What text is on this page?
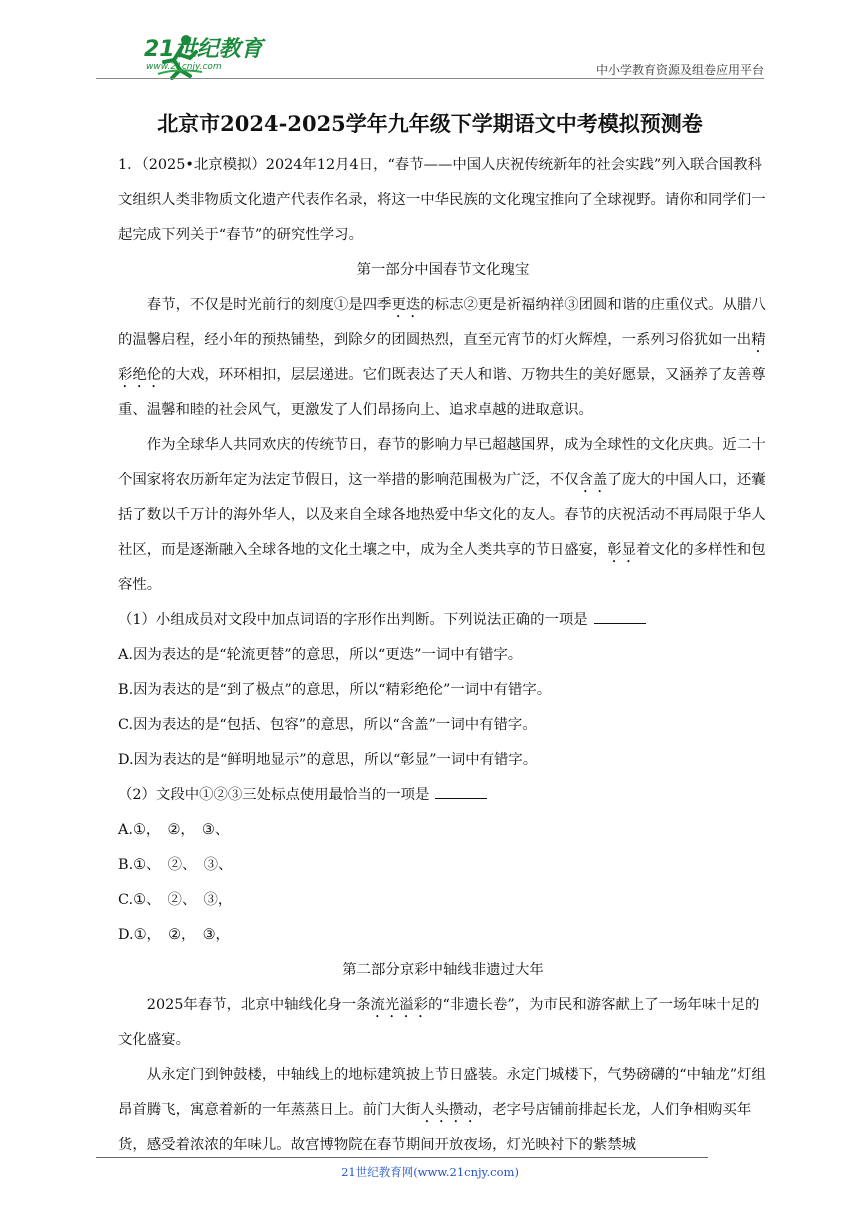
21世纪教育
www.21cnjy.com	中小学教育资源及组卷应用平台
北京市2024-2025学年九年级下学期语文中考模拟预测卷

1．（2025•北京模拟）2024年12月4日，“春节——中国人庆祝传统新年的社会实践”列入联合国教科文组织人类非物质文化遗产代表作名录，将这一中华民族的文化瑰宝推向了全球视野。请你和同学们一起完成下列关于“春节”的研究性学习。

第一部分中国春节文化瑰宝

春节，不仅是时光前行的刻度①是四季更迭的标志②更是祈福纳祥③团圆和谐的庄重仪式。从腊八的温馨启程，经小年的预热铺垫，到除夕的团圆热烈，直至元宵节的灯火辉煌，一系列习俗犹如一出精彩绝伦的大戏，环环相扣，层层递进。它们既表达了天人和谐、万物共生的美好愿景，又涵养了友善尊重、温馨和睦的社会风气，更激发了人们昂扬向上、追求卓越的进取意识。

作为全球华人共同欢庆的传统节日，春节的影响力早已超越国界，成为全球性的文化庆典。近二十个国家将农历新年定为法定节假日，这一举措的影响范围极为广泛，不仅含盖了庞大的中国人口，还囊括了数以千万计的海外华人，以及来自全球各地热爱中华文化的友人。春节的庆祝活动不再局限于华人社区，而是逐渐融入全球各地的文化土壤之中，成为全人类共享的节日盛宴，彰显着文化的多样性和包容性。

（1）小组成员对文段中加点词语的字形作出判断。下列说法正确的一项是

A.因为表达的是“轮流更替”的意思，所以“更迭”一词中有错字。

B.因为表达的是“到了极点”的意思，所以“精彩绝伦”一词中有错字。

C.因为表达的是“包括、包容”的意思，所以“含盖”一词中有错字。

D.因为表达的是“鲜明地显示”的意思，所以“彰显”一词中有错字。

（2）文段中①②③三处标点使用最恰当的一项是

A.①，　②，　③、

B.①、　②、　③、

C.①、　②、　③，

D.①，　②，　③，

第二部分京彩中轴线非遗过大年

2025年春节，北京中轴线化身一条流光溢彩的“非遗长卷”，为市民和游客献上了一场年味十足的文化盛宴。

从永定门到钟鼓楼，中轴线上的地标建筑披上节日盛装。永定门城楼下，气势磅礴的“中轴龙”灯组昂首腾飞，寓意着新的一年蒸蒸日上。前门大街人头攒动，老字号店铺前排起长龙，人们争相购买年货，感受着浓浓的年味儿。故宫博物院在春节期间开放夜场，灯光映衬下的紫禁城

21世纪教育网(www.21cnjy.com)
